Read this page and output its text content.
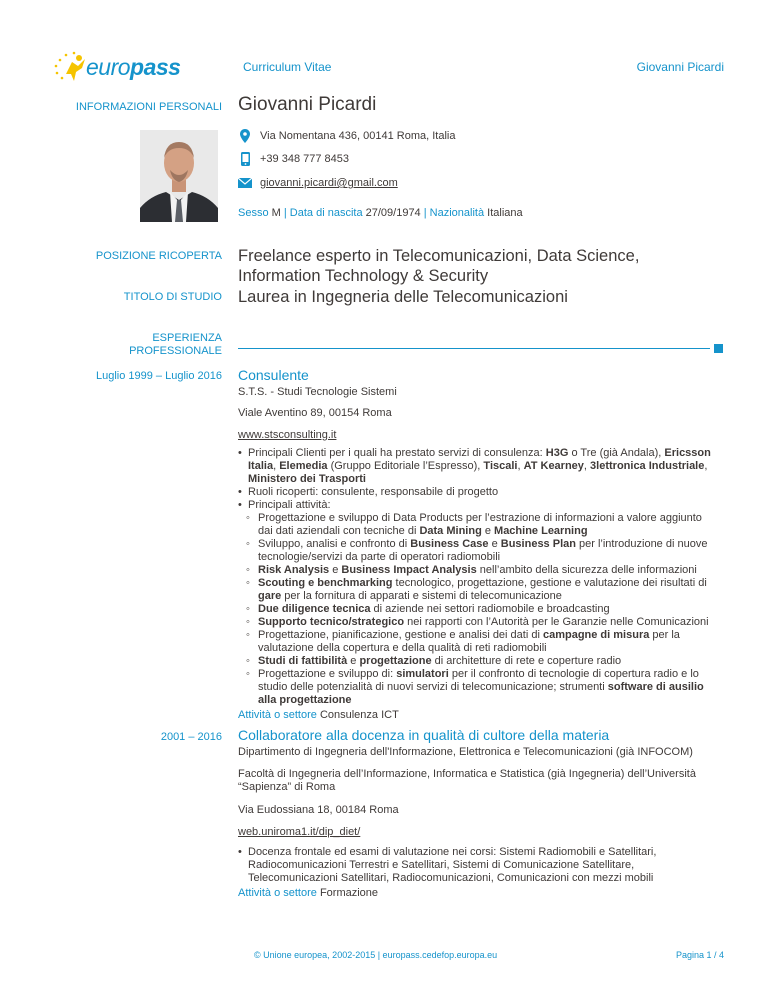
europass	Curriculum Vitae	Giovanni Picardi
INFORMAZIONI PERSONALI Giovanni Picardi
Via Nomentana 436, 00141 Roma, Italia
+39 348 777 8453
giovanni.picardi@gmail.com
Sesso M | Data di nascita 27/09/1974 | Nazionalità Italiana
POSIZIONE RICOPERTA Freelance esperto in Telecomunicazioni, Data Science, Information Technology & Security
TITOLO DI STUDIO Laurea in Ingegneria delle Telecomunicazioni
ESPERIENZA
PROFESSIONALE
Luglio 1999 – Luglio 2016 Consulente
S.T.S. - Studi Tecnologie Sistemi
Viale Aventino 89, 00154 Roma
www.stsconsulting.it
• Principali Clienti per i quali ha prestato servizi di consulenza: H3G o Tre (già Andala), Ericsson Italia, Elemedia (Gruppo Editoriale l’Espresso), Tiscali, AT Kearney, 3lettronica Industriale, Ministero dei Trasporti
• Ruoli ricoperti: consulente, responsabile di progetto
• Principali attività:
◦ Progettazione e sviluppo di Data Products per l’estrazione di informazioni a valore aggiunto dai dati aziendali con tecniche di Data Mining e Machine Learning
◦ Sviluppo, analisi e confronto di Business Case e Business Plan per l’introduzione di nuove tecnologie/servizi da parte di operatori radiomobili
◦ Risk Analysis e Business Impact Analysis nell’ambito della sicurezza delle informazioni
◦ Scouting e benchmarking tecnologico, progettazione, gestione e valutazione dei risultati di gare per la fornitura di apparati e sistemi di telecomunicazione
◦ Due diligence tecnica di aziende nei settori radiomobile e broadcasting
◦ Supporto tecnico/strategico nei rapporti con l’Autorità per le Garanzie nelle Comunicazioni
◦ Progettazione, pianificazione, gestione e analisi dei dati di campagne di misura per la valutazione della copertura e della qualità di reti radiomobili
◦ Studi di fattibilità e progettazione di architetture di rete e coperture radio
◦ Progettazione e sviluppo di: simulatori per il confronto di tecnologie di copertura radio e lo studio delle potenzialità di nuovi servizi di telecomunicazione; strumenti software di ausilio alla progettazione
Attività o settore Consulenza ICT
2001 – 2016 Collaboratore alla docenza in qualità di cultore della materia
Dipartimento di Ingegneria dell'Informazione, Elettronica e Telecomunicazioni (già INFOCOM)
Facoltà di Ingegneria dell’Informazione, Informatica e Statistica (già Ingegneria) dell’Università “Sapienza” di Roma
Via Eudossiana 18, 00184 Roma
web.uniroma1.it/dip_diet/
• Docenza frontale ed esami di valutazione nei corsi: Sistemi Radiomobili e Satellitari, Radiocomunicazioni Terrestri e Satellitari, Sistemi di Comunicazione Satellitare, Telecomunicazioni Satellitari, Radiocomunicazioni, Comunicazioni con mezzi mobili
Attività o settore Formazione
© Unione europea, 2002-2015 | europass.cedefop.europa.eu	Pagina 1 / 4
